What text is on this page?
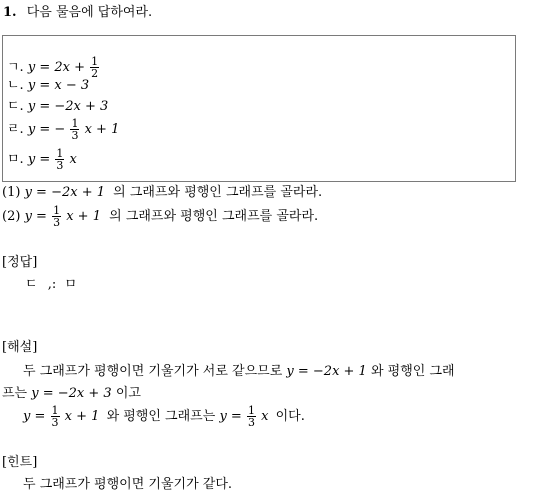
1. 다음 물음에 답하여라.
ㄱ. $y = 2x + \frac{1}{2}$
ㄴ. y = x − 3
ㄷ. y = −2x + 3
ㄹ. y = − $\frac{1}{3}$ x + 1
ㅁ. $y = \frac{1}{3}$ x
(1) y = −2x + 1 의 그래프와 평행인 그래프를 골라라.
(2) $y = \frac{1}{3}$ x + 1 의 그래프와 평행인 그래프를 골라라.
[정답]
ㄷ ,: ㅁ
[해설]
두 그래프가 평행이면 기울기가 서로 같으므로 y = −2x + 1 와 평행인 그래
프는 y = −2x + 3 이고
$y = \frac{1}{3}$ x + 1 와 평행인 그래프는 $y = \frac{1}{3}$ x 이다.
[힌트]
두 그래프가 평행이면 기울기가 같다.
